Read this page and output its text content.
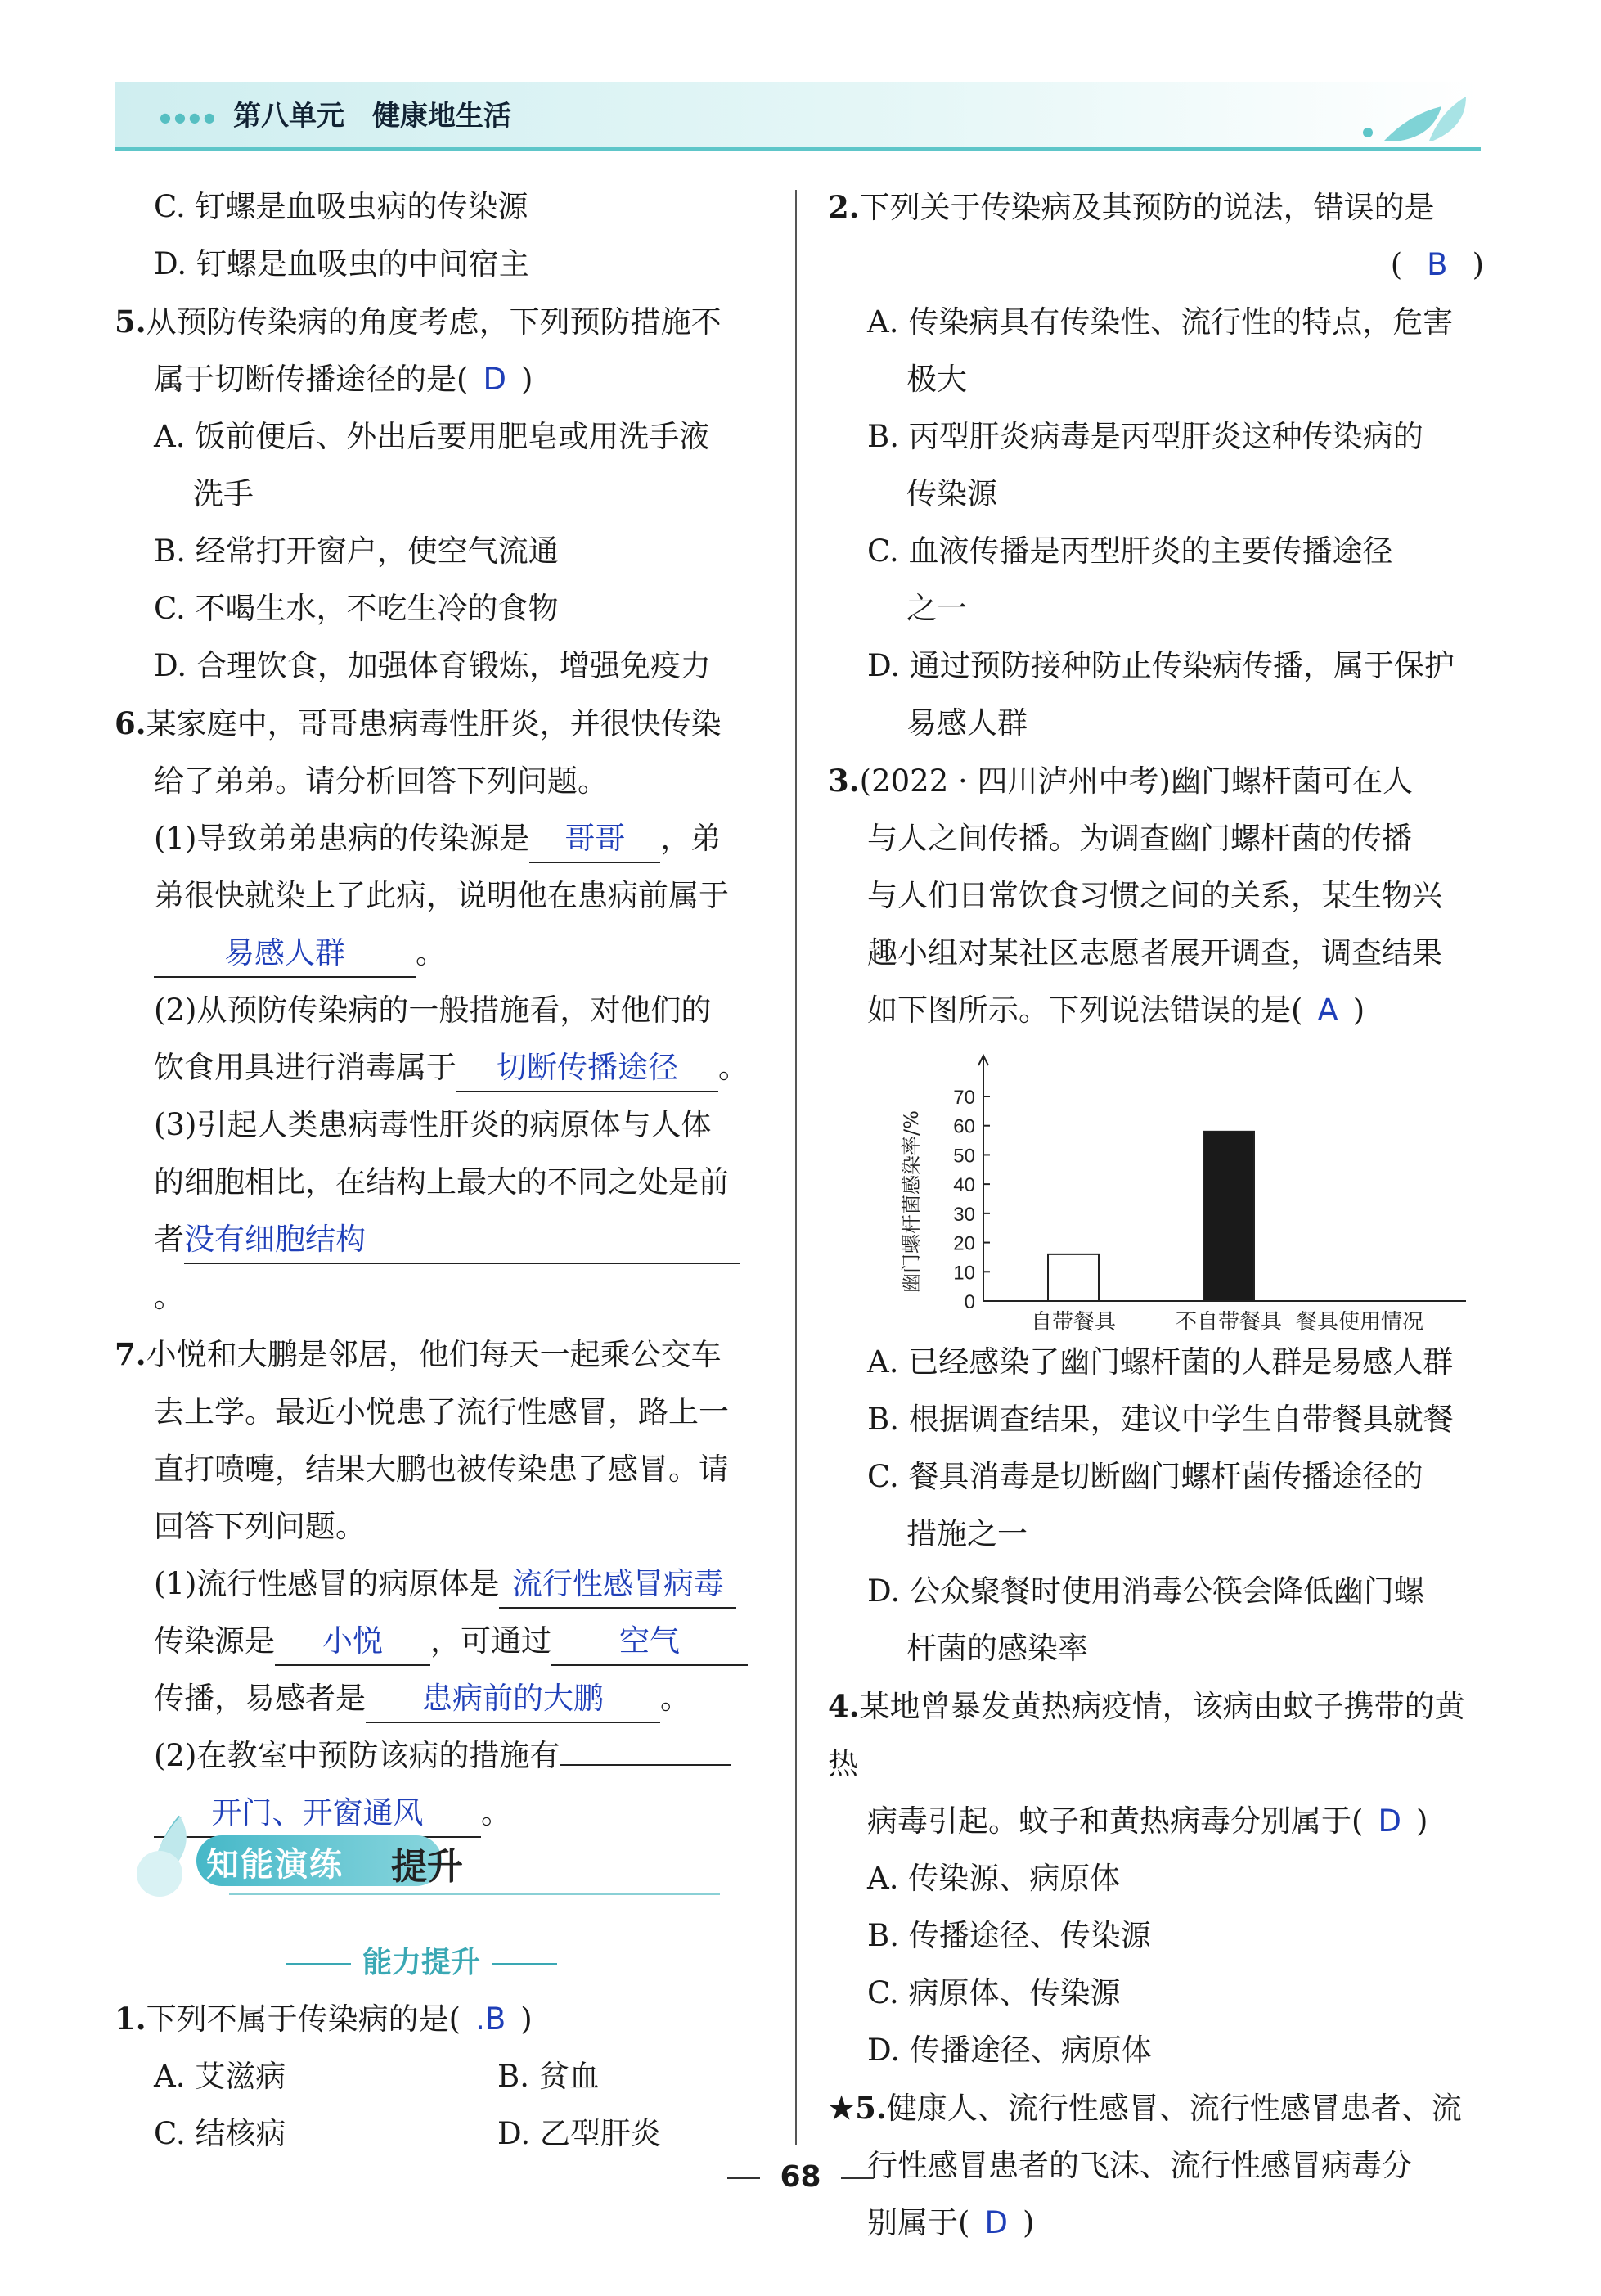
●●●● 第八单元　健康地生活
C. 钉螺是血吸虫病的传染源
D. 钉螺是血吸虫的中间宿主
5.从预防传染病的角度考虑，下列预防措施不
属于切断传播途径的是( D )
A. 饭前便后、外出后要用肥皂或用洗手液
洗手
B. 经常打开窗户，使空气流通
C. 不喝生水，不吃生冷的食物
D. 合理饮食，加强体育锻炼，增强免疫力
6.某家庭中，哥哥患病毒性肝炎，并很快传染
给了弟弟。请分析回答下列问题。
(1)导致弟弟患病的传染源是 哥哥 ，弟
弟很快就染上了此病，说明他在患病前属于
易感人群 。
(2)从预防传染病的一般措施看，对他们的
饮食用具进行消毒属于 切断传播途径 。
(3)引起人类患病毒性肝炎的病原体与人体
的细胞相比，在结构上最大的不同之处是前
者没有细胞结构。
7.小悦和大鹏是邻居，他们每天一起乘公交车
去上学。最近小悦患了流行性感冒，路上一
直打喷嚏，结果大鹏也被传染患了感冒。请
回答下列问题。
(1)流行性感冒的病原体是 流行性感冒病毒
传染源是 小悦 ，可通过 空气
传播，易感者是 患病前的大鹏 。
(2)在教室中预防该病的措施有
开门、开窗通风 。
知能演练 提升
能力提升
1.下列不属于传染病的是( .B )
A. 艾滋病	B. 贫血
C. 结核病	D. 乙型肝炎
2.下列关于传染病及其预防的说法，错误的是
( B )
A. 传染病具有传染性、流行性的特点，危害
极大
B. 丙型肝炎病毒是丙型肝炎这种传染病的
传染源
C. 血液传播是丙型肝炎的主要传播途径
之一
D. 通过预防接种防止传染病传播，属于保护
易感人群
3.(2022 · 四川泸州中考)幽门螺杆菌可在人
与人之间传播。为调查幽门螺杆菌的传播
与人们日常饮食习惯之间的关系，某生物兴
趣小组对某社区志愿者展开调查，调查结果
如下图所示。下列说法错误的是( A )
0
10
20
30
40
50
60
70
幽门螺杆菌感染率/%
自带餐具	不自带餐具 餐具使用情况
A. 已经感染了幽门螺杆菌的人群是易感人群
B. 根据调查结果，建议中学生自带餐具就餐
C. 餐具消毒是切断幽门螺杆菌传播途径的
措施之一
D. 公众聚餐时使用消毒公筷会降低幽门螺
杆菌的感染率
4.某地曾暴发黄热病疫情，该病由蚊子携带的黄热
病毒引起。蚊子和黄热病毒分别属于( D )
A. 传染源、病原体
B. 传播途径、传染源
C. 病原体、传染源
D. 传播途径、病原体
★5.健康人、流行性感冒、流行性感冒患者、流
行性感冒患者的飞沫、流行性感冒病毒分
别属于( D )
68
